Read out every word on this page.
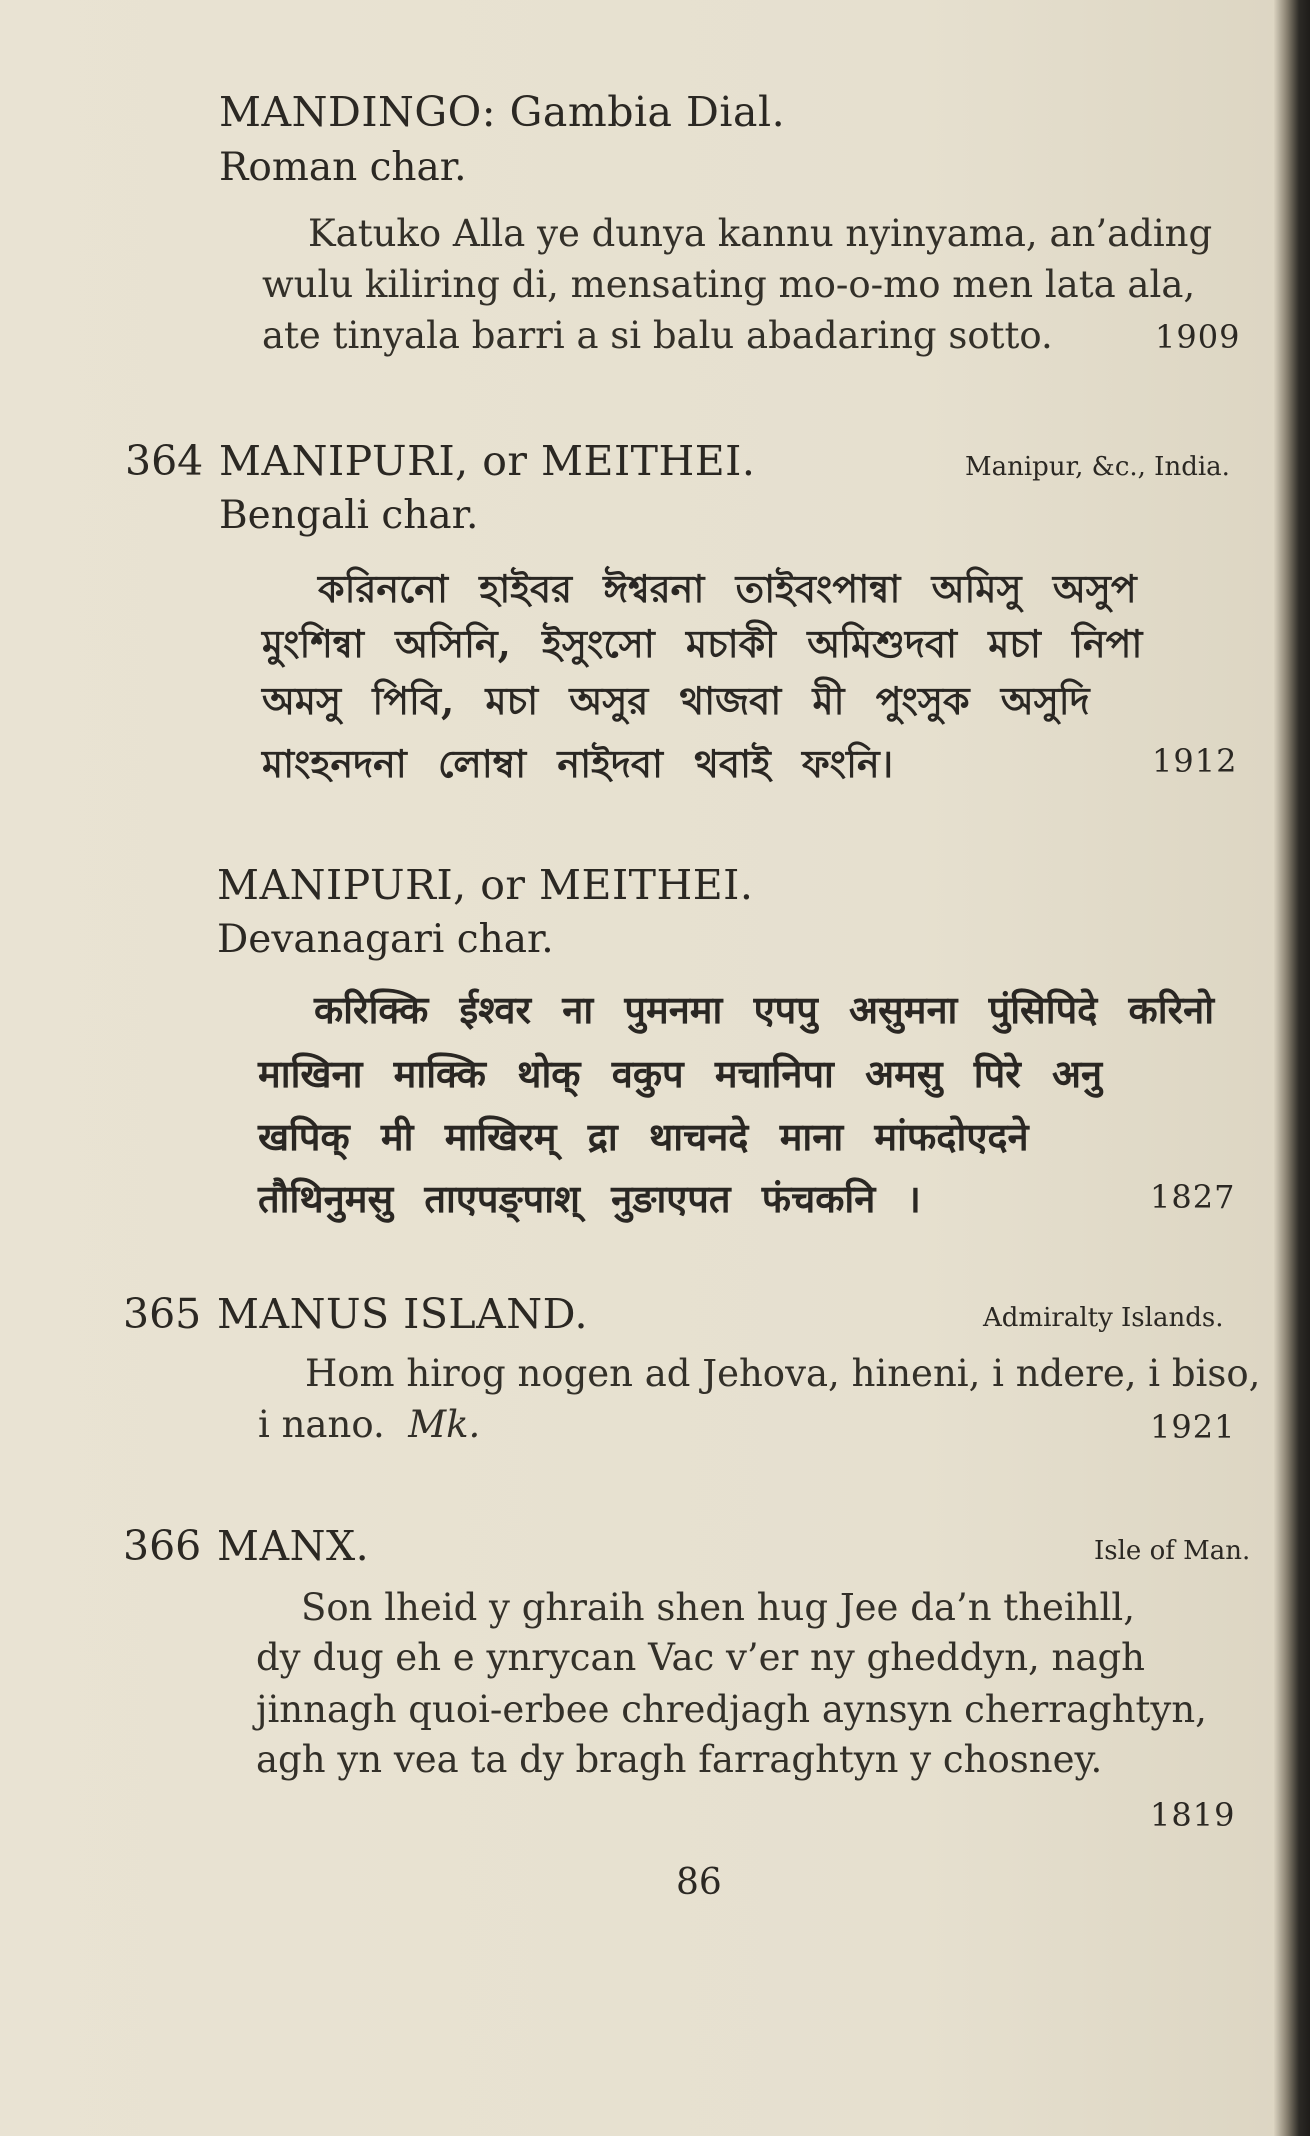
MANDINGO: Gambia Dial.
Roman char.
Katuko Alla ye dunya kannu nyinyama, an’ading
wulu kiliring di, mensating mo-o-mo men lata ala,
ate tinyala barri a si balu abadaring sotto.	1909
364 MANIPURI, or MEITHEI.	Manipur, &c., India.
Bengali char.
করিননো হাইবর ঈশ্বরনা তাইবংপান্বা অমিসু অসুপ
মুংশিন্বা অসিনি, ইসুংসো মচাকী অমিশুদবা মচা নিপা
অমসু পিবি, মচা অসুর থাজবা মী পুংসুক অসুদি
মাংহনদনা লোম্বা নাইদবা থবাই ফংনি।	1912
MANIPURI, or MEITHEI.
Devanagari char.
करिक्कि ईश्वर ना पुमनमा एपपु असुमना पुंसिपिदे करिनो
माखिना माक्कि थोक् वकुप मचानिपा अमसु पिरे अनु
खपिक् मी माखिरम् द्रा थाचनदे माना मांफदोएदने
तौथिनुमसु ताएपङ्पाश् नुङाएपत फंचकनि ।	1827
365 MANUS ISLAND.	Admiralty Islands.
Hom hirog nogen ad Jehova, hineni, i ndere, i biso,
i nano. Mk.	1921
366 MANX.	Isle of Man.
Son lheid y ghraih shen hug Jee da’n theihll,
dy dug eh e ynrycan Vac v’er ny gheddyn, nagh
jinnagh quoi-erbee chredjagh aynsyn cherraghtyn,
agh yn vea ta dy bragh farraghtyn y chosney.
1819
86
